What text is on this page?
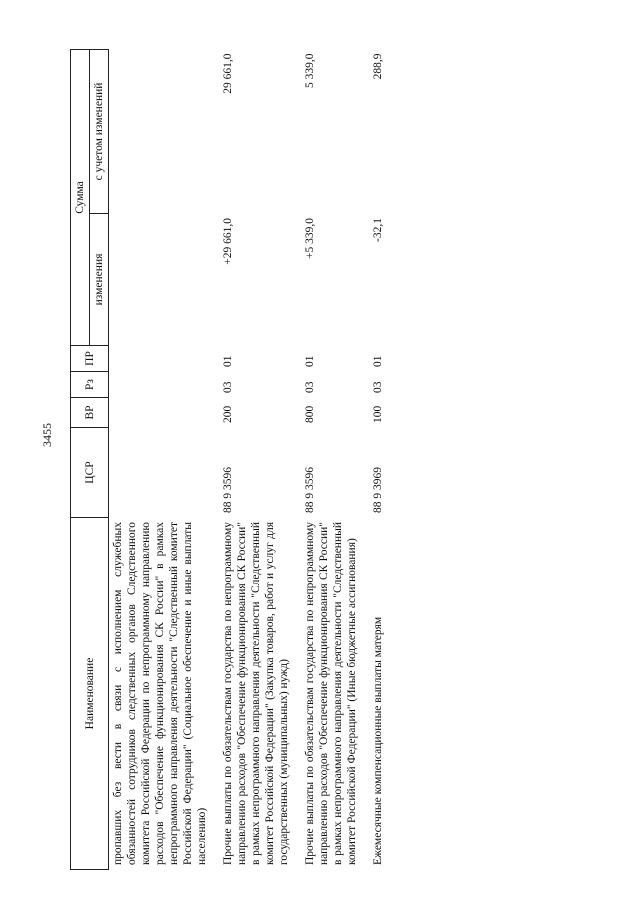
3455
Наименование	ЦСР	ВР	Рз	ПР	Сумма	
					изменения	с учетом изменений
пропавших без вести в связи с исполнением служебных обязанностей сотрудников следственных органов Следственного комитета Российской Федерации по непрограммному направлению расходов "Обеспечение функционирования СК России" в рамках непрограммного направления деятельности "Следственный комитет Российской Федерации" (Социальное обеспечение и иные выплаты населению)						
Прочие выплаты по обязательствам государства по непрограммному направлению расходов "Обеспечение функционирования СК России" в рамках непрограммного направления деятельности "Следственный комитет Российской Федерации" (Закупка товаров, работ и услуг для государственных (муниципальных) нужд)	88 9 3596	200	03	01	+29 661,0	29 661,0
Прочие выплаты по обязательствам государства по непрограммному направлению расходов "Обеспечение функционирования СК России" в рамках непрограммного направления деятельности "Следственный комитет Российской Федерации" (Иные бюджетные ассигнования)	88 9 3596	800	03	01	+5 339,0	5 339,0
Ежемесячные компенсационные выплаты матерям	88 9 3969	100	03	01	-32,1	288,9
